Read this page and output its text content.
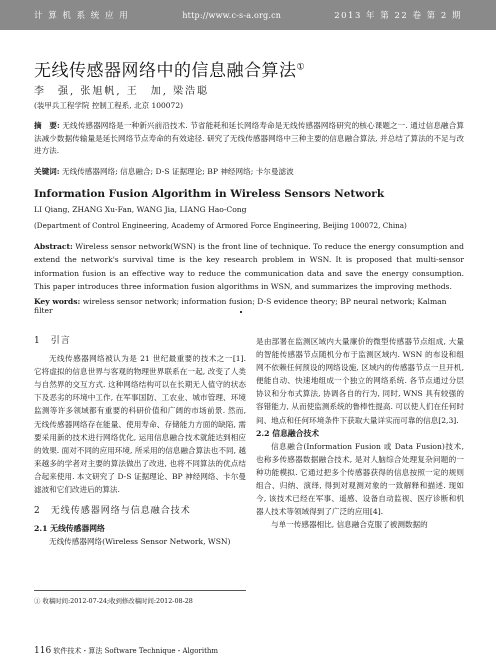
计 算 机 系 统 应 用	http://www.c-s-a.org.cn	2013 年 第 22 卷 第 2 期
无线传感器网络中的信息融合算法①
李　强, 张旭帆, 王　加, 梁浩聪
(装甲兵工程学院 控制工程系, 北京 100072)
摘　要: 无线传感器网络是一种新兴前沿技术. 节省能耗和延长网络寿命是无线传感器网络研究的核心课题之一. 通过信息融合算法减少数据传输量是延长网络节点寿命的有效途径. 研究了无线传感器网络中三种主要的信息融合算法, 并总结了算法的不足与改进方法.
关键词: 无线传感器网络; 信息融合; D-S 证据理论; BP 神经网络; 卡尔曼滤波
Information Fusion Algorithm in Wireless Sensors Network
LI Qiang, ZHANG Xu-Fan, WANG Jia, LIANG Hao-Cong
(Department of Control Engineering, Academy of Armored Force Engineering, Beijing 100072, China)
Abstract: Wireless sensor network(WSN) is the front line of technique. To reduce the energy consumption and extend the network's survival time is the key research problem in WSN. It is proposed that multi-sensor information fusion is an effective way to reduce the communication data and save the energy consumption. This paper introduces three information fusion algorithms in WSN, and summarizes the improving methods.
Key words: wireless sensor network; information fusion; D-S evidence theory; BP neural network; Kalman filter
1　引言

无线传感器网络被认为是 21 世纪最重要的技术之一[1]. 它将虚拟的信息世界与客观的物理世界联系在一起, 改变了人类与自然界的交互方式. 这种网络结构可以在长期无人值守的状态下及恶劣的环境中工作, 在军事国防、工农业、城市管理、环境监测等许多领域都有重要的科研价值和广阔的市场前景. 然而, 无线传感器网络存在能量、使用寿命、存储能力方面的缺陷, 需要采用新的技术进行网络优化, 运用信息融合技术就能达到相应的效果. 面对不同的应用环境, 所采用的信息融合算法也不同, 越来越多的学者对主要的算法做出了改进, 也将不同算法的优点结合起来使用. 本文研究了 D-S 证据理论、BP 神经网络、卡尔曼滤波和它们改进后的算法.

2　无线传感器网络与信息融合技术

2.1 无线传感器网络

无线传感器网络(Wireless Sensor Network, WSN)

是由部署在监测区域内大量廉价的微型传感器节点组成, 大量的智能传感器节点随机分布于监测区域内. WSN 的布设和组网不依赖任何预设的网络设施, 区域内的传感器节点一旦开机, 便能自动、快速地组成一个独立的网络系统. 各节点通过分层协议和分布式算法, 协调各自的行为, 同时, WNS 具有较强的容错能力, 从而使监测系统的鲁棒性提高. 可以使人们在任何时间、地点和任何环境条件下获取大量详实而可靠的信息[2,3].

2.2 信息融合技术

信息融合(Information Fusion 或 Data Fusion)技术, 也称多传感器数据融合技术, 是对人脑综合处理复杂问题的一种功能模拟. 它通过把多个传感器获得的信息按照一定的规则组合、归纳、演绎, 得到对观测对象的一致解释和描述. 现如今, 该技术已经在军事、遥感、设备自动监视、医疗诊断和机器人技术等领域得到了广泛的应用[4].

与单一传感器相比, 信息融合克服了被测数据的

① 收稿时间:2012-07-24;收到修改稿时间:2012-08-28
116 软件技术・算法 Software Technique・Algorithm
